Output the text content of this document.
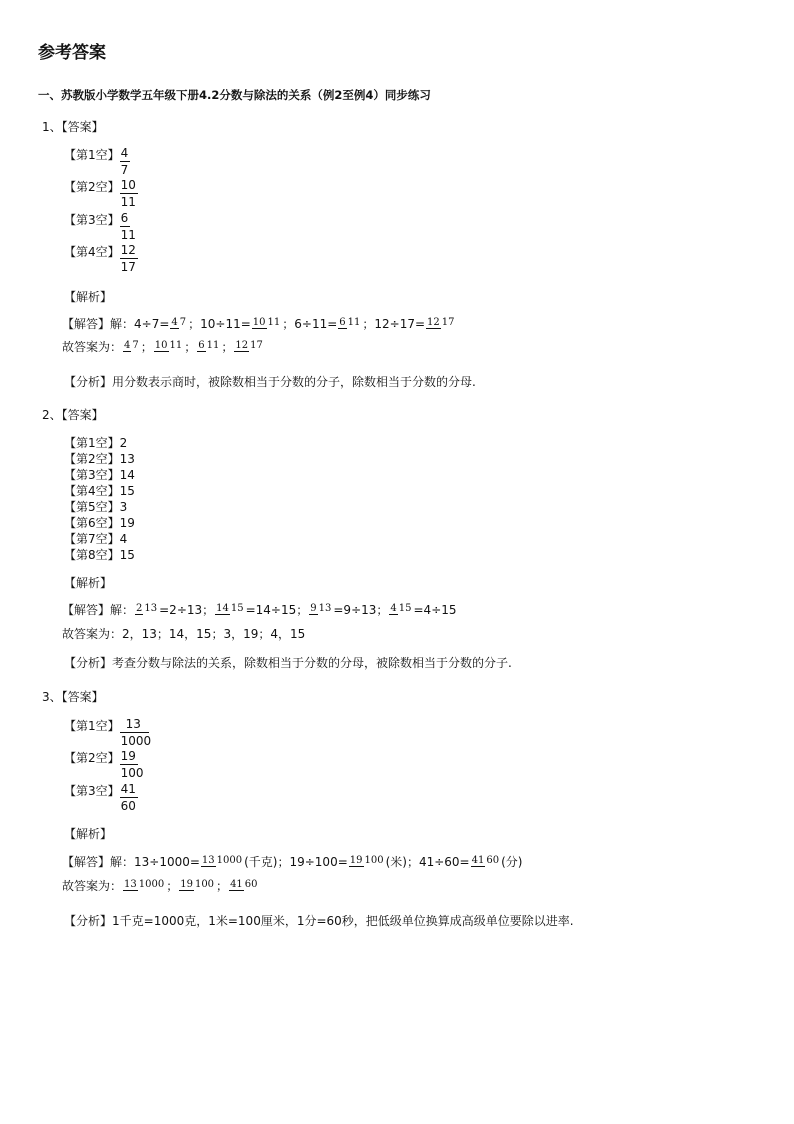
参考答案
一、苏教版小学数学五年级下册4.2分数与除法的关系（例2至例4）同步练习
1、【答案】
【第1空】 $\frac{4}{7}$
【第2空】 $\frac{10}{11}$
【第3空】 $\frac{6}{11}$
【第4空】 $\frac{12}{17}$
【解析】
【解答】解：4÷7= 4 7 ；10÷11= 10 11 ；6÷11= 6 11 ；12÷17= 12 17
故答案为： 4 7 ； 10 11 ； 6 11 ； 12 17
【分析】用分数表示商时，被除数相当于分数的分子，除数相当于分数的分母.
2、【答案】
【第1空】2
【第2空】13
【第3空】14
【第4空】15
【第5空】3
【第6空】19
【第7空】4
【第8空】15
【解析】
【解答】解： 2 13 =2÷13； 14 15 =14÷15； 9 13 =9÷13； 4 15 =4÷15
故答案为：2，13；14，15；3，19；4，15
【分析】考查分数与除法的关系，除数相当于分数的分母，被除数相当于分数的分子.
3、【答案】
【第1空】 $\frac{13}{1000}$
【第2空】 $\frac{19}{100}$
【第3空】 $\frac{41}{60}$
【解析】
【解答】解：13÷1000= 13 1000 (千克)；19÷100= 19 100 (米)；41÷60= 41 60 (分)
故答案为： 13 1000 ； 19 100 ； 41 60
【分析】1千克=1000克，1米=100厘米，1分=60秒，把低级单位换算成高级单位要除以进率.
